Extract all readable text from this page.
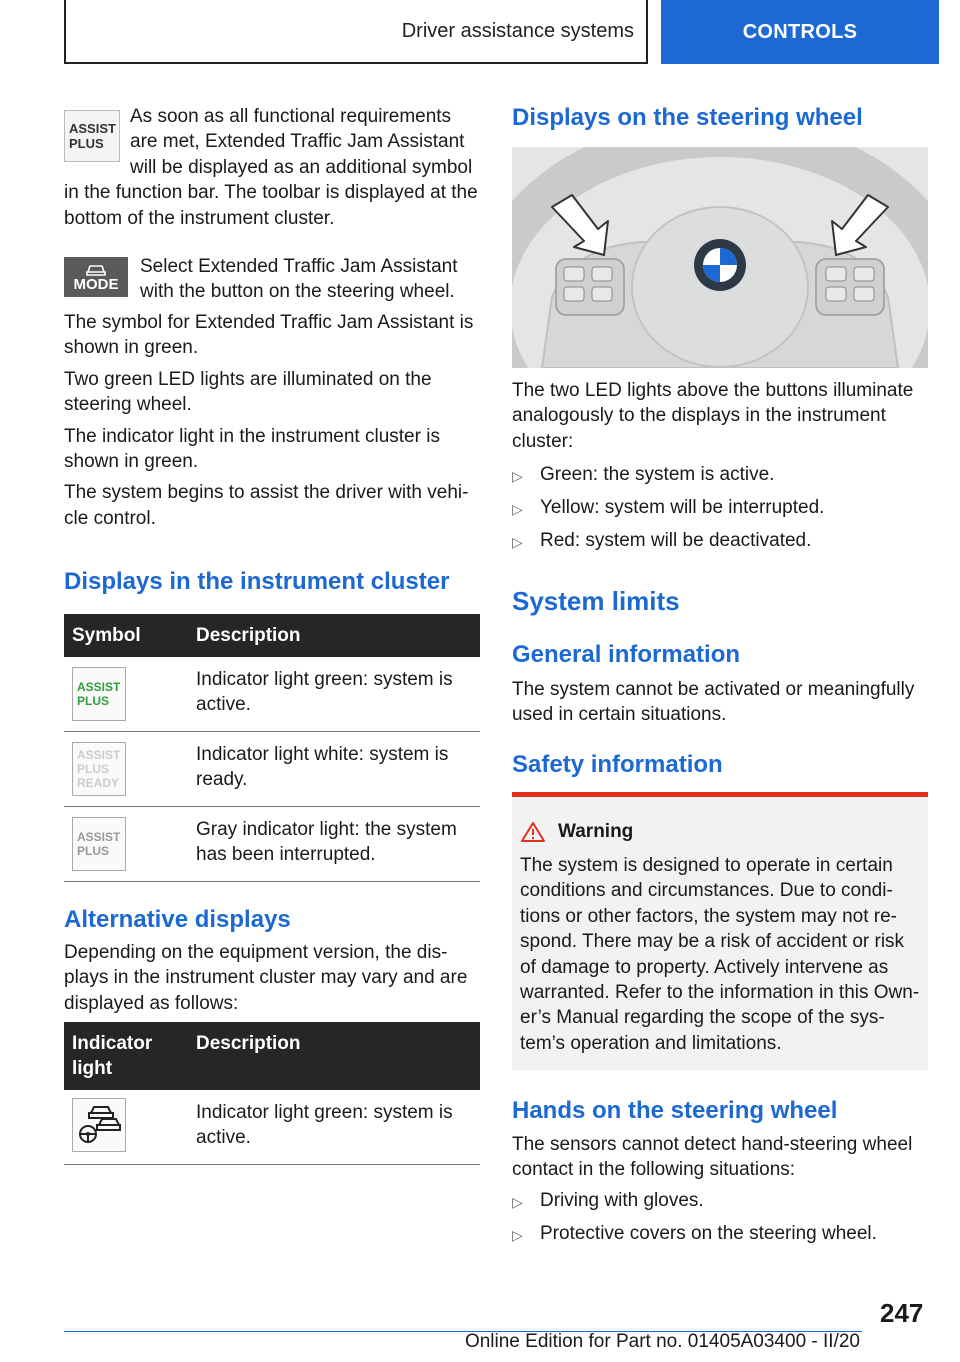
Driver assistance systems	CONTROLS
ASSIST
PLUS
As soon as all functional requirements are met, Extended Traffic Jam Assistant will be displayed as an additional symbol in the function bar. The toolbar is displayed at the bottom of the instrument cluster.
MODE
Select Extended Traffic Jam Assistant with the button on the steering wheel.

The symbol for Extended Traffic Jam Assistant is shown in green.

Two green LED lights are illuminated on the steering wheel.

The indicator light in the instrument cluster is shown in green.

The system begins to assist the driver with vehicle control.

Displays in the instrument cluster
Symbol	Description

ASSIST
PLUS	Indicator light green: system is active.

ASSIST
PLUS
READY	Indicator light white: system is ready.

ASSIST
PLUS	Gray indicator light: the system has been interrupted.
Alternative displays
Depending on the equipment version, the displays in the instrument cluster may vary and are displayed as follows:
Indicator light	Description

	Indicator light green: system is active.
Displays on the steering wheel
The two LED lights above the buttons illuminate analogously to the displays in the instrument cluster:
▷ Green: the system is active.
▷ Yellow: system will be interrupted.
▷ Red: system will be deactivated.
System limits
General information
The system cannot be activated or meaningfully used in certain situations.
Safety information
Warning

The system is designed to operate in certain conditions and circumstances. Due to conditions or other factors, the system may not respond. There may be a risk of accident or risk of damage to property. Actively intervene as warranted. Refer to the information in this Owner’s Manual regarding the scope of the system’s operation and limitations.

Hands on the steering wheel
The sensors cannot detect hand-steering wheel contact in the following situations:
▷ Driving with gloves.
▷ Protective covers on the steering wheel.
247
Online Edition for Part no. 01405A03400 - II/20
